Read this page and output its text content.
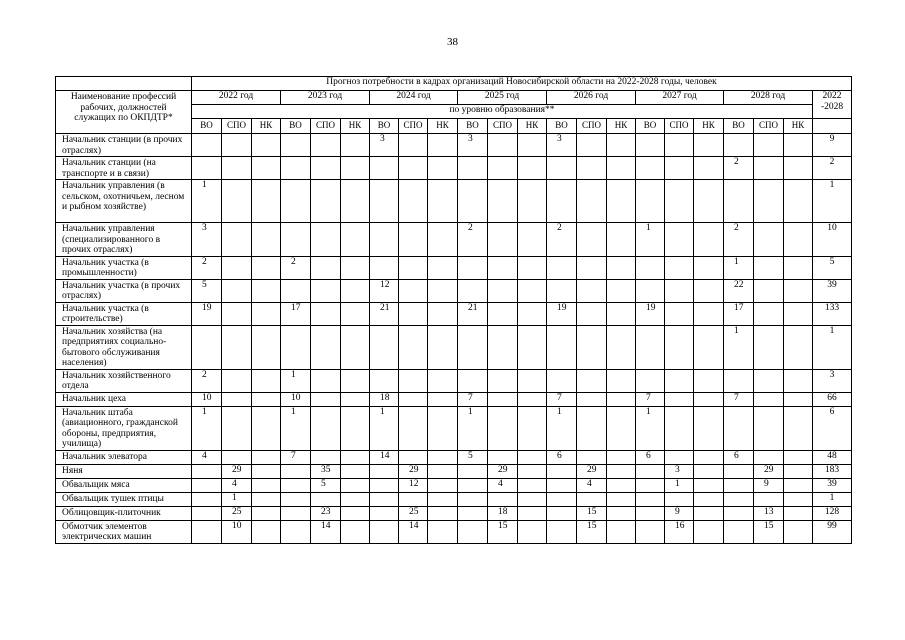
38
	Прогноз потребности в кадрах организаций Новосибирской области на 2022-2028 годы, человек																					
Наименование профессий рабочих, должностей служащих по ОКПДТР*	2022 год			2023 год			2024 год			2025 год			2026 год			2027 год			2028 год			2022 -2028
	по уровню образования**																					
	ВО	СПО	НК	ВО	СПО	НК	ВО	СПО	НК	ВО	СПО	НК	ВО	СПО	НК	ВО	СПО	НК	ВО	СПО	НК	
Начальник станции (в прочих отраслях)							3			3			3									9
Начальник станции (на транспорте и в связи)																			2			2
Начальник управления (в сельском, охотничьем, лесном и рыбном хозяйстве)	1																					1
Начальник управления (специализированного в прочих отраслях)	3									2			2			1			2			10
Начальник участка (в промышленности)	2			2															1			5
Начальник участка (в прочих отраслях)	5						12												22			39
Начальник участка (в строительстве)	19			17			21			21			19			19			17			133
Начальник хозяйства (на предприятиях социально-бытового обслуживания населения)																			1			1
Начальник хозяйственного отдела	2			1																		3
Начальник цеха	10			10			18			7			7			7			7			66
Начальник штаба (авиационного, гражданской обороны, предприятия, училища)	1			1			1			1			1			1						6
Начальник элеватора	4			7			14			5			6			6			6			48
Няня		29			35			29			29			29			3			29		183
Обвальщик мяса		4			5			12			4			4			1			9		39
Обвальщик тушек птицы		1																				1
Облицовщик-плиточник		25			23			25			18			15			9			13		128
Обмотчик элементов электрических машин		10			14			14			15			15			16			15		99
